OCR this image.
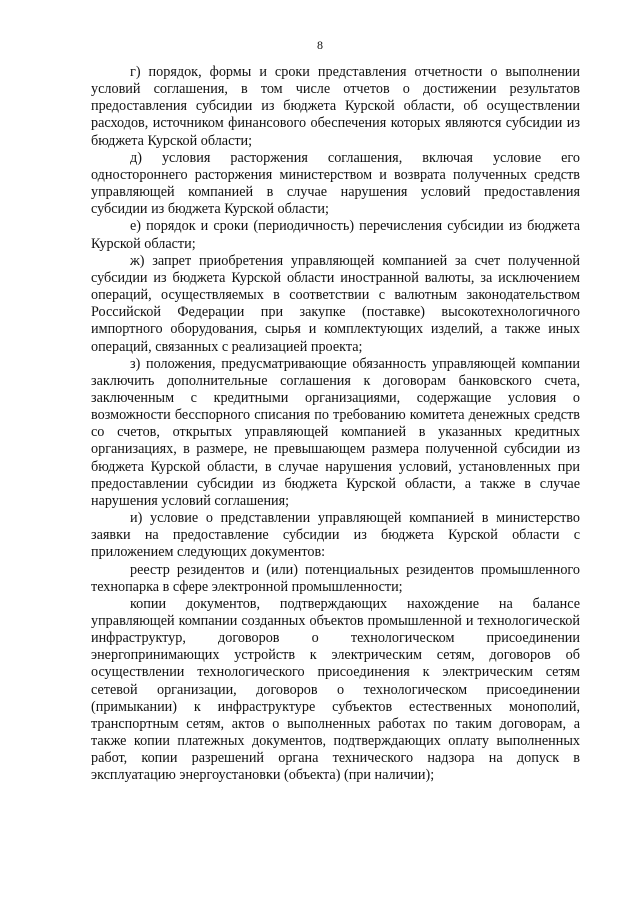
8

г) порядок, формы и сроки представления отчетности о выполнении условий соглашения, в том числе отчетов о достижении результатов предоставления субсидии из бюджета Курской области, об осуществлении расходов, источником финансового обеспечения которых являются субсидии из бюджета Курской области;

д) условия расторжения соглашения, включая условие его одностороннего расторжения министерством и возврата полученных средств управляющей компанией в случае нарушения условий предоставления субсидии из бюджета Курской области;

е) порядок и сроки (периодичность) перечисления субсидии из бюджета Курской области;

ж) запрет приобретения управляющей компанией за счет полученной субсидии из бюджета Курской области иностранной валюты, за исключением операций, осуществляемых в соответствии с валютным законодательством Российской Федерации при закупке (поставке) высокотехнологичного импортного оборудования, сырья и комплектующих изделий, а также иных операций, связанных с реализацией проекта;

з) положения, предусматривающие обязанность управляющей компании заключить дополнительные соглашения к договорам банковского счета, заключенным с кредитными организациями, содержащие условия о возможности бесспорного списания по требованию комитета денежных средств со счетов, открытых управляющей компанией в указанных кредитных организациях, в размере, не превышающем размера полученной субсидии из бюджета Курской области, в случае нарушения условий, установленных при предоставлении субсидии из бюджета Курской области, а также в случае нарушения условий соглашения;

и) условие о представлении управляющей компанией в министерство заявки на предоставление субсидии из бюджета Курской области с приложением следующих документов:

реестр резидентов и (или) потенциальных резидентов промышленного технопарка в сфере электронной промышленности;

копии документов, подтверждающих нахождение на балансе управляющей компании созданных объектов промышленной и технологической инфраструктур, договоров о технологическом присоединении энергопринимающих устройств к электрическим сетям, договоров об осуществлении технологического присоединения к электрическим сетям сетевой организации, договоров о технологическом присоединении (примыкании) к инфраструктуре субъектов естественных монополий, транспортным сетям, актов о выполненных работах по таким договорам, а также копии платежных документов, подтверждающих оплату выполненных работ, копии разрешений органа технического надзора на допуск в эксплуатацию энергоустановки (объекта) (при наличии);
